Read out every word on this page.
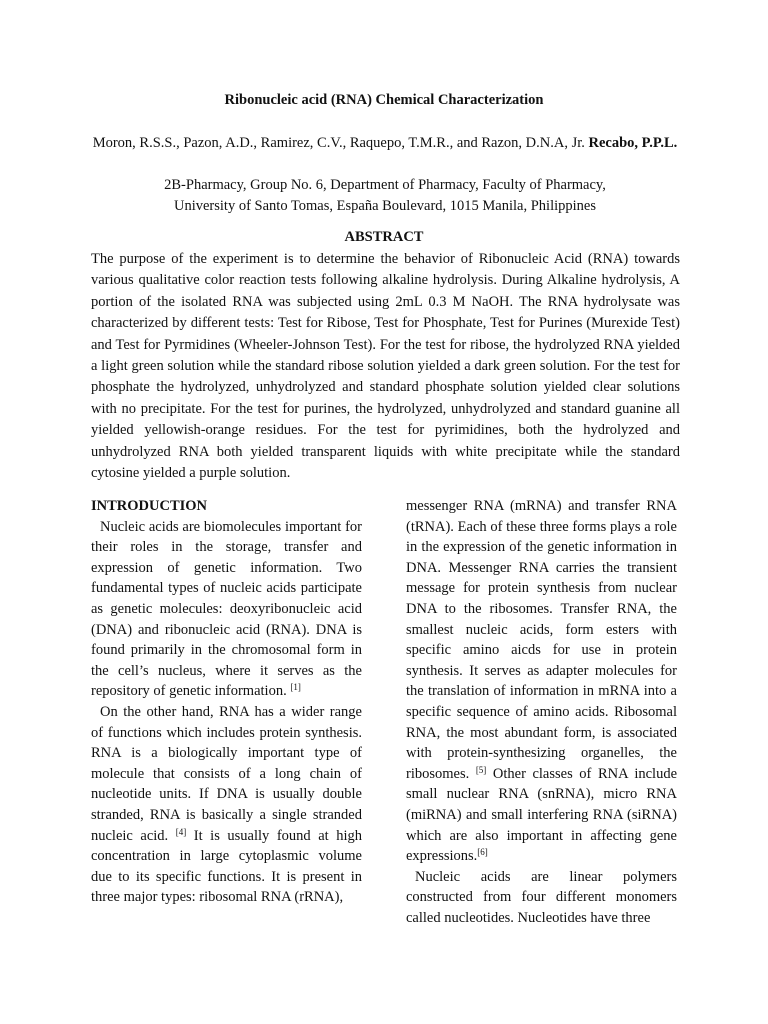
Ribonucleic acid (RNA) Chemical Characterization
Moron, R.S.S., Pazon, A.D., Ramirez, C.V., Raquepo, T.M.R., and Razon, D.N.A, Jr. Recabo, P.P.L.
2B-Pharmacy, Group No. 6, Department of Pharmacy, Faculty of Pharmacy,
University of Santo Tomas, España Boulevard, 1015 Manila, Philippines
ABSTRACT
The purpose of the experiment is to determine the behavior of Ribonucleic Acid (RNA) towards various qualitative color reaction tests following alkaline hydrolysis. During Alkaline hydrolysis, A portion of the isolated RNA was subjected using 2mL 0.3 M NaOH. The RNA hydrolysate was characterized by different tests: Test for Ribose, Test for Phosphate, Test for Purines (Murexide Test) and Test for Pyrmidines (Wheeler-Johnson Test). For the test for ribose, the hydrolyzed RNA yielded a light green solution while the standard ribose solution yielded a dark green solution. For the test for phosphate the hydrolyzed, unhydrolyzed and standard phosphate solution yielded clear solutions with no precipitate. For the test for purines, the hydrolyzed, unhydrolyzed and standard guanine all yielded yellowish-orange residues. For the test for pyrimidines, both the hydrolyzed and unhydrolyzed RNA both yielded transparent liquids with white precipitate while the standard cytosine yielded a purple solution.
INTRODUCTION

Nucleic acids are biomolecules important for their roles in the storage, transfer and expression of genetic information. Two fundamental types of nucleic acids participate as genetic molecules: deoxyribonucleic acid (DNA) and ribonucleic acid (RNA). DNA is found primarily in the chromosomal form in the cell’s nucleus, where it serves as the repository of genetic information. [1]

On the other hand, RNA has a wider range of functions which includes protein synthesis. RNA is a biologically important type of molecule that consists of a long chain of nucleotide units. If DNA is usually double stranded, RNA is basically a single stranded nucleic acid. [4] It is usually found at high concentration in large cytoplasmic volume due to its specific functions. It is present in three major types: ribosomal RNA (rRNA),

messenger RNA (mRNA) and transfer RNA (tRNA). Each of these three forms plays a role in the expression of the genetic information in DNA. Messenger RNA carries the transient message for protein synthesis from nuclear DNA to the ribosomes. Transfer RNA, the smallest nucleic acids, form esters with specific amino aicds for use in protein synthesis. It serves as adapter molecules for the translation of information in mRNA into a specific sequence of amino acids. Ribosomal RNA, the most abundant form, is associated with protein-synthesizing organelles, the ribosomes. [5] Other classes of RNA include small nuclear RNA (snRNA), micro RNA (miRNA) and small interfering RNA (siRNA) which are also important in affecting gene expressions.[6]

Nucleic acids are linear polymers constructed from four different monomers called nucleotides. Nucleotides have three
